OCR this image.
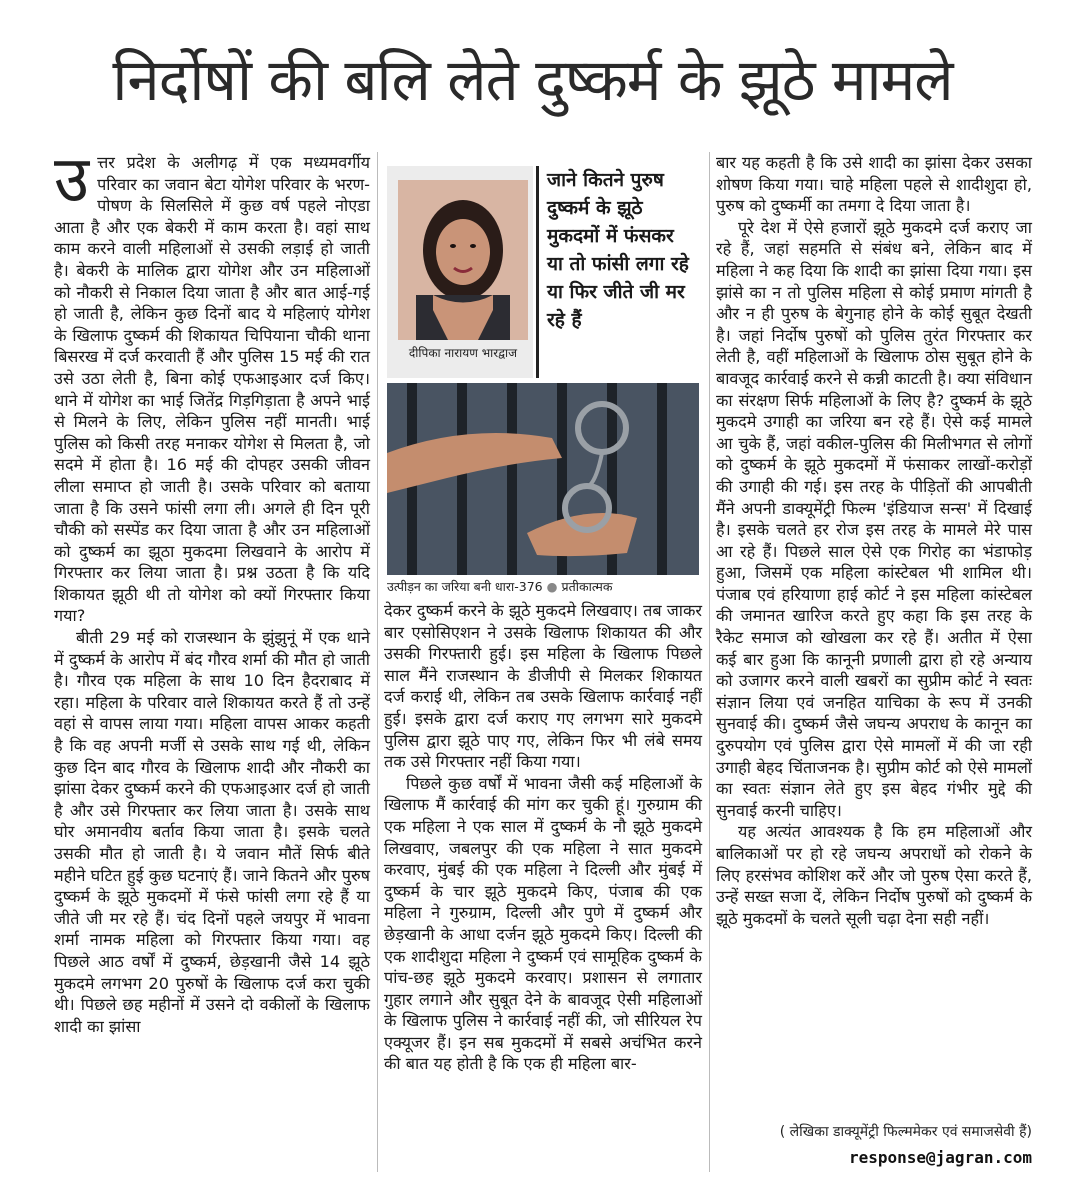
निर्दोषों की बलि लेते दुष्कर्म के झूठे मामले

उत्तर प्रदेश के अलीगढ़ में एक मध्यमवर्गीय परिवार का जवान बेटा योगेश परिवार के भरण-पोषण के सिलसिले में कुछ वर्ष पहले नोएडा आता है और एक बेकरी में काम करता है। वहां साथ काम करने वाली महिलाओं से उसकी लड़ाई हो जाती है। बेकरी के मालिक द्वारा योगेश और उन महिलाओं को नौकरी से निकाल दिया जाता है और बात आई-गई हो जाती है, लेकिन कुछ दिनों बाद ये महिलाएं योगेश के खिलाफ दुष्कर्म की शिकायत चिपियाना चौकी थाना बिसरख में दर्ज करवाती हैं और पुलिस 15 मई की रात उसे उठा लेती है, बिना कोई एफआइआर दर्ज किए। थाने में योगेश का भाई जितेंद्र गिड़गिड़ाता है अपने भाई से मिलने के लिए, लेकिन पुलिस नहीं मानती। भाई पुलिस को किसी तरह मनाकर योगेश से मिलता है, जो सदमे में होता है। 16 मई की दोपहर उसकी जीवन लीला समाप्त हो जाती है। उसके परिवार को बताया जाता है कि उसने फांसी लगा ली। अगले ही दिन पूरी चौकी को सस्पेंड कर दिया जाता है और उन महिलाओं को दुष्कर्म का झूठा मुकदमा लिखवाने के आरोप में गिरफ्तार कर लिया जाता है। प्रश्न उठता है कि यदि शिकायत झूठी थी तो योगेश को क्यों गिरफ्तार किया गया?

बीती 29 मई को राजस्थान के झुंझुनूं में एक थाने में दुष्कर्म के आरोप में बंद गौरव शर्मा की मौत हो जाती है। गौरव एक महिला के साथ 10 दिन हैदराबाद में रहा। महिला के परिवार वाले शिकायत करते हैं तो उन्हें वहां से वापस लाया गया। महिला वापस आकर कहती है कि वह अपनी मर्जी से उसके साथ गई थी, लेकिन कुछ दिन बाद गौरव के खिलाफ शादी और नौकरी का झांसा देकर दुष्कर्म करने की एफआइआर दर्ज हो जाती है और उसे गिरफ्तार कर लिया जाता है। उसके साथ घोर अमानवीय बर्ताव किया जाता है। इसके चलते उसकी मौत हो जाती है। ये जवान मौतें सिर्फ बीते महीने घटित हुई कुछ घटनाएं हैं। जाने कितने और पुरुष दुष्कर्म के झूठे मुकदमों में फंसे फांसी लगा रहे हैं या जीते जी मर रहे हैं। चंद दिनों पहले जयपुर में भावना शर्मा नामक महिला को गिरफ्तार किया गया। वह पिछले आठ वर्षों में दुष्कर्म, छेड़खानी जैसे 14 झूठे मुकदमे लगभग 20 पुरुषों के खिलाफ दर्ज करा चुकी थी। पिछले छह महीनों में उसने दो वकीलों के खिलाफ शादी का झांसा

दीपिका नारायण भारद्वाज
जाने कितने पुरुष दुष्कर्म के झूठे मुकदमों में फंसकर या तो फांसी लगा रहे या फिर जीते जी मर रहे हैं
उत्पीड़न का जरिया बनी धारा-376 ● प्रतीकात्मक

देकर दुष्कर्म करने के झूठे मुकदमे लिखवाए। तब जाकर बार एसोसिएशन ने उसके खिलाफ शिकायत की और उसकी गिरफ्तारी हुई। इस महिला के खिलाफ पिछले साल मैंने राजस्थान के डीजीपी से मिलकर शिकायत दर्ज कराई थी, लेकिन तब उसके खिलाफ कार्रवाई नहीं हुई। इसके द्वारा दर्ज कराए गए लगभग सारे मुकदमे पुलिस द्वारा झूठे पाए गए, लेकिन फिर भी लंबे समय तक उसे गिरफ्तार नहीं किया गया।

पिछले कुछ वर्षों में भावना जैसी कई महिलाओं के खिलाफ मैं कार्रवाई की मांग कर चुकी हूं। गुरुग्राम की एक महिला ने एक साल में दुष्कर्म के नौ झूठे मुकदमे लिखवाए, जबलपुर की एक महिला ने सात मुकदमे करवाए, मुंबई की एक महिला ने दिल्ली और मुंबई में दुष्कर्म के चार झूठे मुकदमे किए, पंजाब की एक महिला ने गुरुग्राम, दिल्ली और पुणे में दुष्कर्म और छेड़खानी के आधा दर्जन झूठे मुकदमे किए। दिल्ली की एक शादीशुदा महिला ने दुष्कर्म एवं सामूहिक दुष्कर्म के पांच-छह झूठे मुकदमे करवाए। प्रशासन से लगातार गुहार लगाने और सुबूत देने के बावजूद ऐसी महिलाओं के खिलाफ पुलिस ने कार्रवाई नहीं की, जो सीरियल रेप एक्यूजर हैं। इन सब मुकदमों में सबसे अचंभित करने की बात यह होती है कि एक ही महिला बार-

बार यह कहती है कि उसे शादी का झांसा देकर उसका शोषण किया गया। चाहे महिला पहले से शादीशुदा हो, पुरुष को दुष्कर्मी का तमगा दे दिया जाता है।

पूरे देश में ऐसे हजारों झूठे मुकदमे दर्ज कराए जा रहे हैं, जहां सहमति से संबंध बने, लेकिन बाद में महिला ने कह दिया कि शादी का झांसा दिया गया। इस झांसे का न तो पुलिस महिला से कोई प्रमाण मांगती है और न ही पुरुष के बेगुनाह होने के कोई सुबूत देखती है। जहां निर्दोष पुरुषों को पुलिस तुरंत गिरफ्तार कर लेती है, वहीं महिलाओं के खिलाफ ठोस सुबूत होने के बावजूद कार्रवाई करने से कन्नी काटती है। क्या संविधान का संरक्षण सिर्फ महिलाओं के लिए है? दुष्कर्म के झूठे मुकदमे उगाही का जरिया बन रहे हैं। ऐसे कई मामले आ चुके हैं, जहां वकील-पुलिस की मिलीभगत से लोगों को दुष्कर्म के झूठे मुकदमों में फंसाकर लाखों-करोड़ों की उगाही की गई। इस तरह के पीड़ितों की आपबीती मैंने अपनी डाक्यूमेंट्री फिल्म 'इंडियाज सन्स' में दिखाई है। इसके चलते हर रोज इस तरह के मामले मेरे पास आ रहे हैं। पिछले साल ऐसे एक गिरोह का भंडाफोड़ हुआ, जिसमें एक महिला कांस्टेबल भी शामिल थी। पंजाब एवं हरियाणा हाई कोर्ट ने इस महिला कांस्टेबल की जमानत खारिज करते हुए कहा कि इस तरह के रैकेट समाज को खोखला कर रहे हैं। अतीत में ऐसा कई बार हुआ कि कानूनी प्रणाली द्वारा हो रहे अन्याय को उजागर करने वाली खबरों का सुप्रीम कोर्ट ने स्वतः संज्ञान लिया एवं जनहित याचिका के रूप में उनकी सुनवाई की। दुष्कर्म जैसे जघन्य अपराध के कानून का दुरुपयोग एवं पुलिस द्वारा ऐसे मामलों में की जा रही उगाही बेहद चिंताजनक है। सुप्रीम कोर्ट को ऐसे मामलों का स्वतः संज्ञान लेते हुए इस बेहद गंभीर मुद्दे की सुनवाई करनी चाहिए।

यह अत्यंत आवश्यक है कि हम महिलाओं और बालिकाओं पर हो रहे जघन्य अपराधों को रोकने के लिए हरसंभव कोशिश करें और जो पुरुष ऐसा करते हैं, उन्हें सख्त सजा दें, लेकिन निर्दोष पुरुषों को दुष्कर्म के झूठे मुकदमों के चलते सूली चढ़ा देना सही नहीं।

( लेखिका डाक्यूमेंट्री फिल्ममेकर एवं समाजसेवी हैं)
response@jagran.com
